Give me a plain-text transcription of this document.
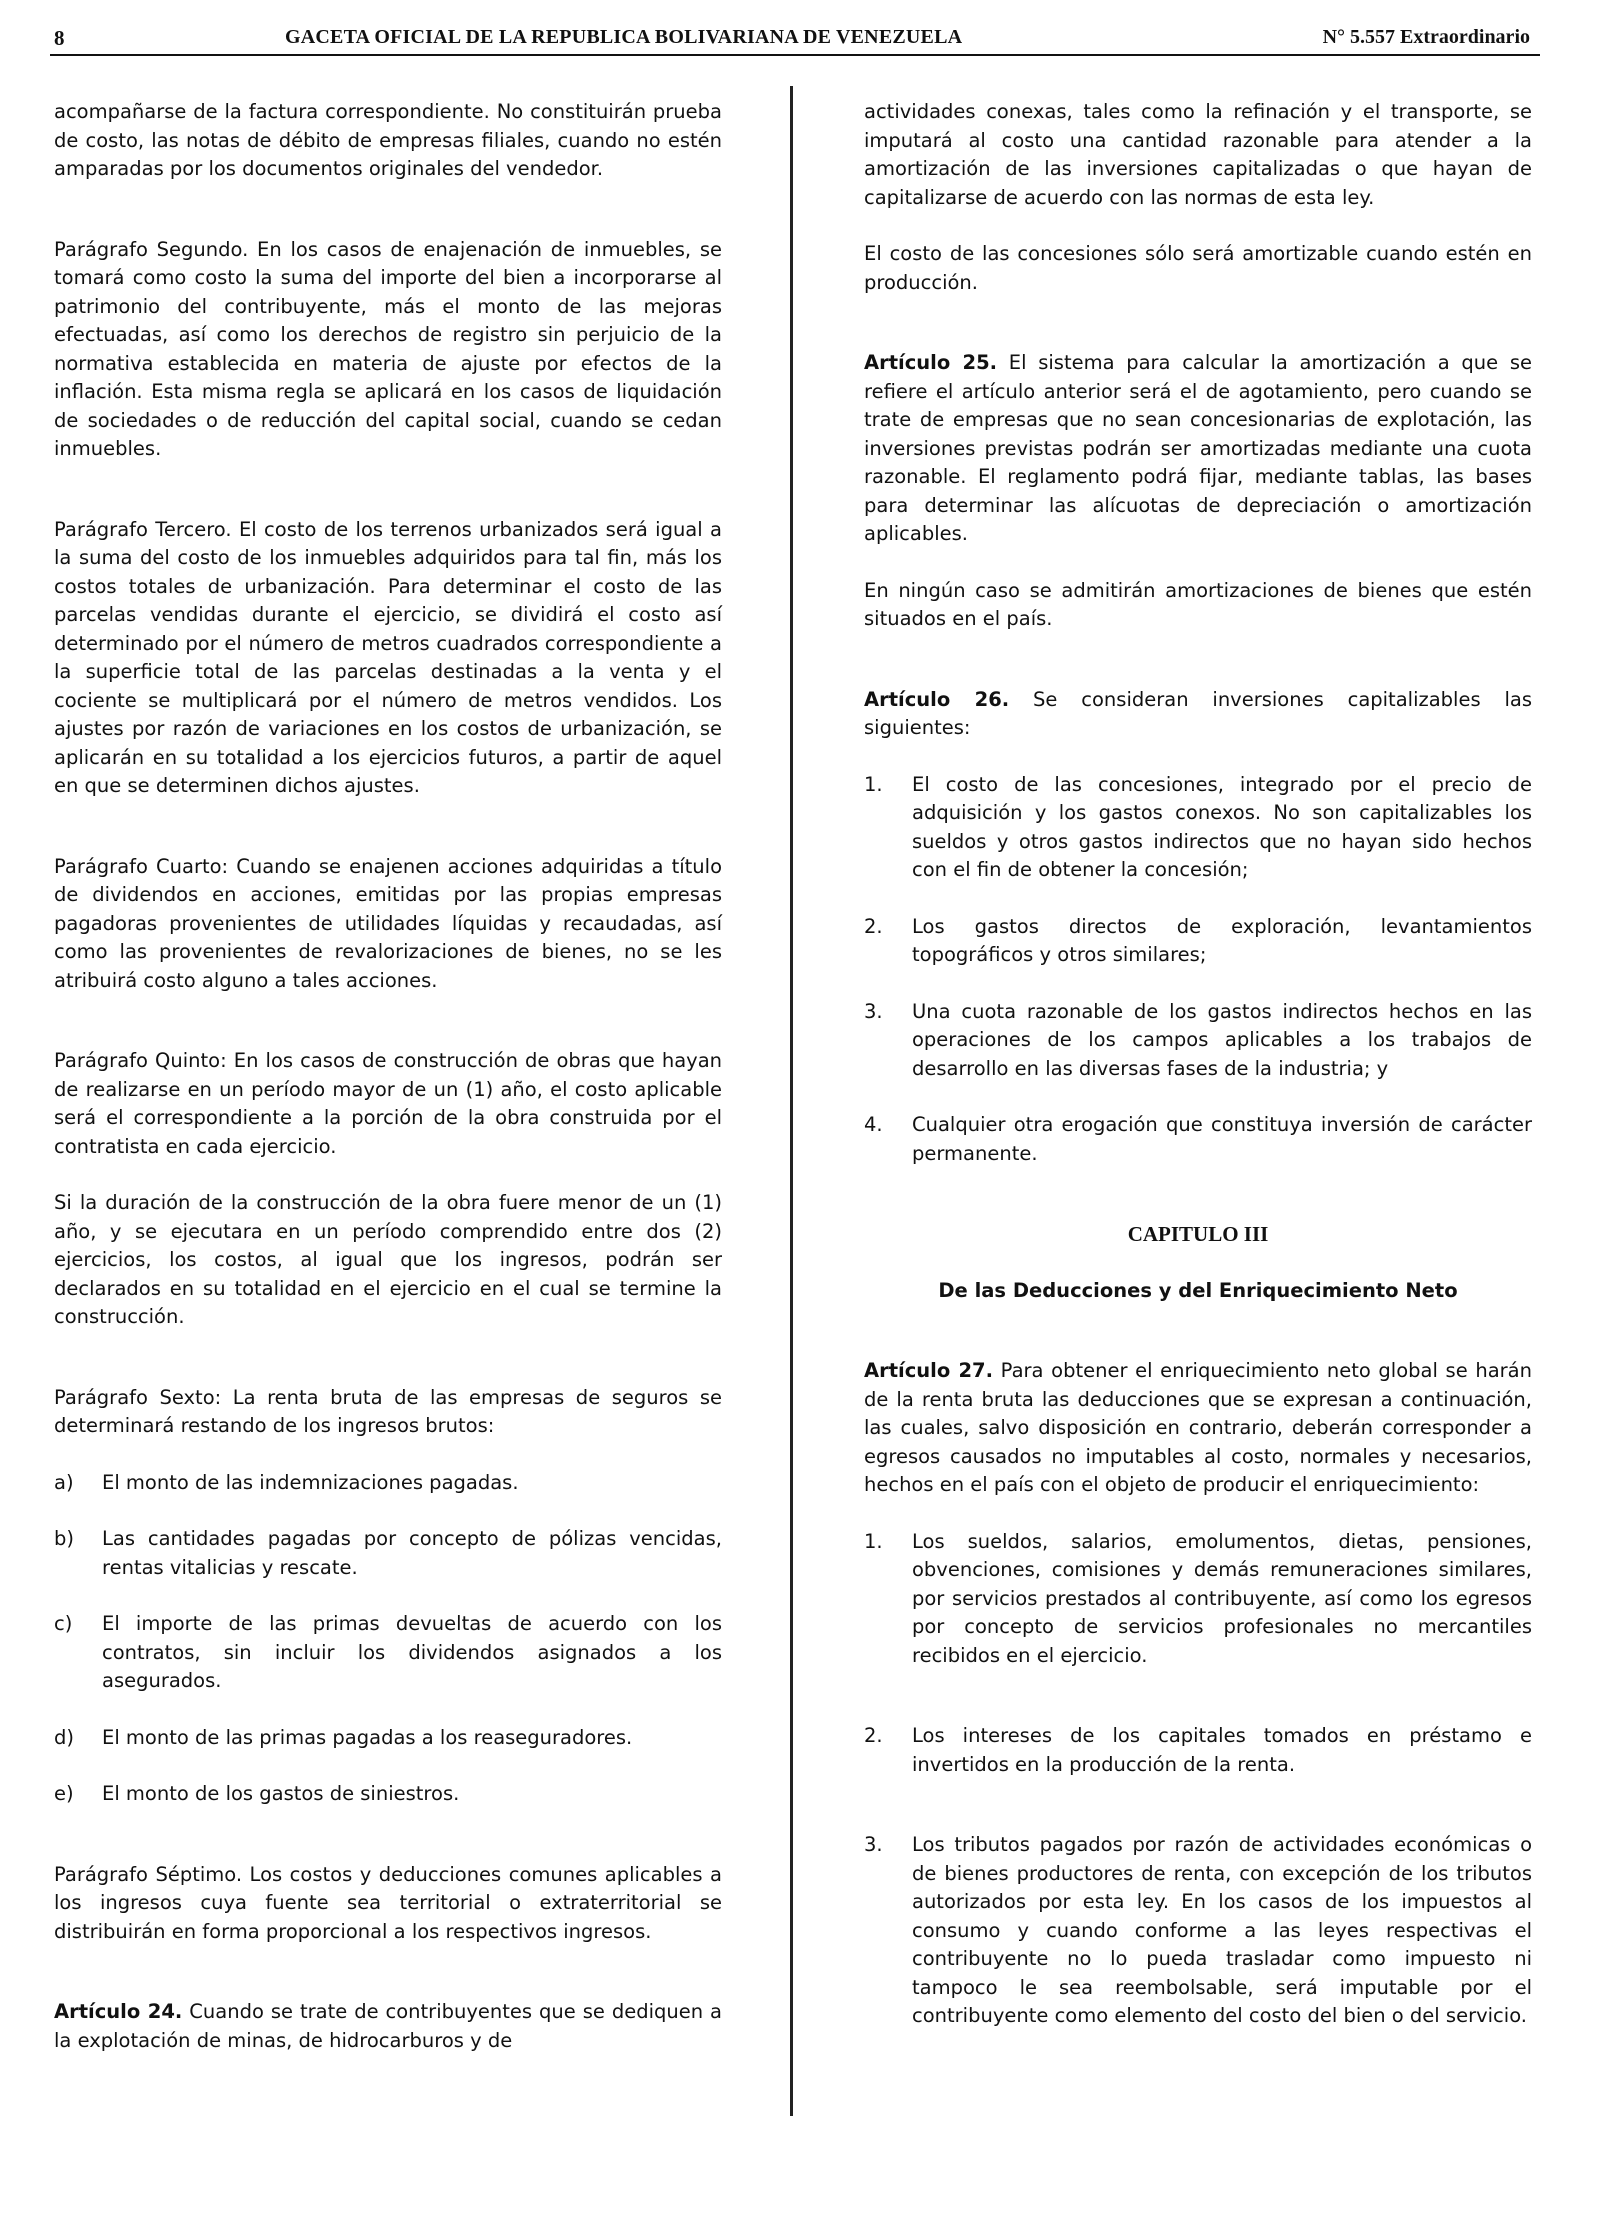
8	GACETA OFICIAL DE LA REPUBLICA BOLIVARIANA DE VENEZUELA	N° 5.557 Extraordinario

acompañarse de la factura correspondiente. No constituirán prueba de costo, las notas de débito de empresas filiales, cuando no estén amparadas por los documentos originales del vendedor.

Parágrafo Segundo. En los casos de enajenación de inmuebles, se tomará como costo la suma del importe del bien a incorporarse al patrimonio del contribuyente, más el monto de las mejoras efectuadas, así como los derechos de registro sin perjuicio de la normativa establecida en materia de ajuste por efectos de la inflación. Esta misma regla se aplicará en los casos de liquidación de sociedades o de reducción del capital social, cuando se cedan inmuebles.

Parágrafo Tercero. El costo de los terrenos urbanizados será igual a la suma del costo de los inmuebles adquiridos para tal fin, más los costos totales de urbanización. Para determinar el costo de las parcelas vendidas durante el ejercicio, se dividirá el costo así determinado por el número de metros cuadrados correspondiente a la superficie total de las parcelas destinadas a la venta y el cociente se multiplicará por el número de metros vendidos. Los ajustes por razón de variaciones en los costos de urbanización, se aplicarán en su totalidad a los ejercicios futuros, a partir de aquel en que se determinen dichos ajustes.

Parágrafo Cuarto: Cuando se enajenen acciones adquiridas a título de dividendos en acciones, emitidas por las propias empresas pagadoras provenientes de utilidades líquidas y recaudadas, así como las provenientes de revalorizaciones de bienes, no se les atribuirá costo alguno a tales acciones.

Parágrafo Quinto: En los casos de construcción de obras que hayan de realizarse en un período mayor de un (1) año, el costo aplicable será el correspondiente a la porción de la obra construida por el contratista en cada ejercicio.

Si la duración de la construcción de la obra fuere menor de un (1) año, y se ejecutara en un período comprendido entre dos (2) ejercicios, los costos, al igual que los ingresos, podrán ser declarados en su totalidad en el ejercicio en el cual se termine la construcción.

Parágrafo Sexto: La renta bruta de las empresas de seguros se determinará restando de los ingresos brutos:

a) El monto de las indemnizaciones pagadas.
b) Las cantidades pagadas por concepto de pólizas vencidas, rentas vitalicias y rescate.
c) El importe de las primas devueltas de acuerdo con los contratos, sin incluir los dividendos asignados a los asegurados.
d) El monto de las primas pagadas a los reaseguradores.
e) El monto de los gastos de siniestros.

Parágrafo Séptimo. Los costos y deducciones comunes aplicables a los ingresos cuya fuente sea territorial o extraterritorial se distribuirán en forma proporcional a los respectivos ingresos.

Artículo 24. Cuando se trate de contribuyentes que se dediquen a la explotación de minas, de hidrocarburos y de

actividades conexas, tales como la refinación y el transporte, se imputará al costo una cantidad razonable para atender a la amortización de las inversiones capitalizadas o que hayan de capitalizarse de acuerdo con las normas de esta ley.

El costo de las concesiones sólo será amortizable cuando estén en producción.

Artículo 25. El sistema para calcular la amortización a que se refiere el artículo anterior será el de agotamiento, pero cuando se trate de empresas que no sean concesionarias de explotación, las inversiones previstas podrán ser amortizadas mediante una cuota razonable. El reglamento podrá fijar, mediante tablas, las bases para determinar las alícuotas de depreciación o amortización aplicables.

En ningún caso se admitirán amortizaciones de bienes que estén situados en el país.

Artículo 26. Se consideran inversiones capitalizables las siguientes:

1. El costo de las concesiones, integrado por el precio de adquisición y los gastos conexos. No son capitalizables los sueldos y otros gastos indirectos que no hayan sido hechos con el fin de obtener la concesión;
2. Los gastos directos de exploración, levantamientos topográficos y otros similares;
3. Una cuota razonable de los gastos indirectos hechos en las operaciones de los campos aplicables a los trabajos de desarrollo en las diversas fases de la industria; y
4. Cualquier otra erogación que constituya inversión de carácter permanente.

CAPITULO III

De las Deducciones y del Enriquecimiento Neto

Artículo 27. Para obtener el enriquecimiento neto global se harán de la renta bruta las deducciones que se expresan a continuación, las cuales, salvo disposición en contrario, deberán corresponder a egresos causados no imputables al costo, normales y necesarios, hechos en el país con el objeto de producir el enriquecimiento:

1. Los sueldos, salarios, emolumentos, dietas, pensiones, obvenciones, comisiones y demás remuneraciones similares, por servicios prestados al contribuyente, así como los egresos por concepto de servicios profesionales no mercantiles recibidos en el ejercicio.
2. Los intereses de los capitales tomados en préstamo e invertidos en la producción de la renta.
3. Los tributos pagados por razón de actividades económicas o de bienes productores de renta, con excepción de los tributos autorizados por esta ley. En los casos de los impuestos al consumo y cuando conforme a las leyes respectivas el contribuyente no lo pueda trasladar como impuesto ni tampoco le sea reembolsable, será imputable por el contribuyente como elemento del costo del bien o del servicio.
